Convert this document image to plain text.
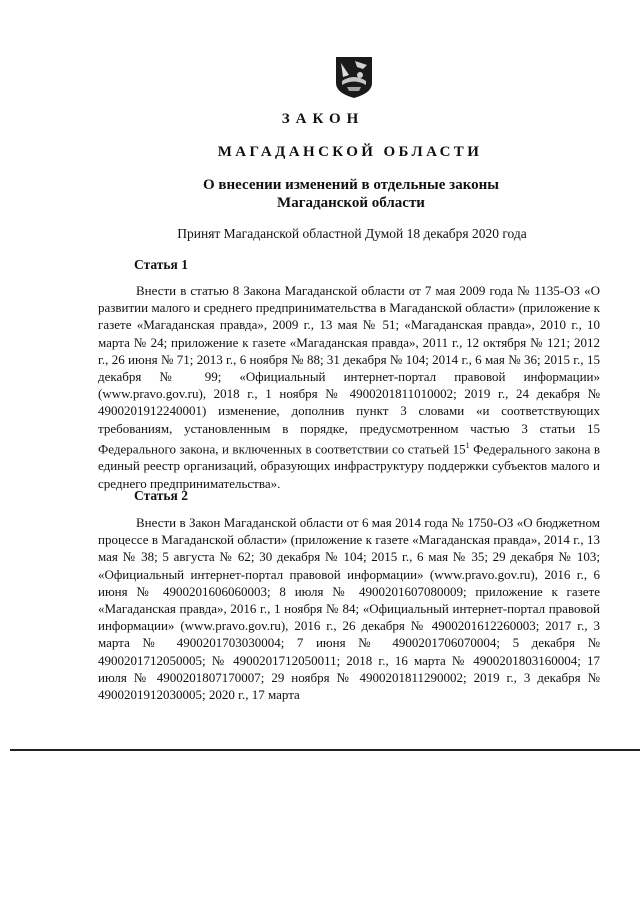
ЗАКОН
МАГАДАНСКОЙ ОБЛАСТИ
О внесении изменений в отдельные законы
Магаданской области
Принят Магаданской областной Думой 18 декабря 2020 года
Статья 1

Внести в статью 8 Закона Магаданской области от 7 мая 2009 года № 1135-ОЗ «О развитии малого и среднего предпринимательства в Магаданской области» (приложение к газете «Магаданская правда», 2009 г., 13 мая № 51; «Магаданская правда», 2010 г., 10 марта № 24; приложение к газете «Магаданская правда», 2011 г., 12 октября № 121; 2012 г., 26 июня № 71; 2013 г., 6 ноября № 88; 31 декабря № 104; 2014 г., 6 мая № 36; 2015 г., 15 декабря № 99; «Официальный интернет-портал правовой информации» (www.pravo.gov.ru), 2018 г., 1 ноября № 4900201811010002; 2019 г., 24 декабря № 4900201912240001) изменение, дополнив пункт 3 словами «и соответствующих требованиям, установленным в порядке, предусмотренном частью 3 статьи 15 Федерального закона, и включенных в соответствии со статьей $15^1$ Федерального закона в единый реестр организаций, образующих инфраструктуру поддержки субъектов малого и среднего предпринимательства».

Статья 2

Внести в Закон Магаданской области от 6 мая 2014 года № 1750-ОЗ «О бюджетном процессе в Магаданской области» (приложение к газете «Магаданская правда», 2014 г., 13 мая № 38; 5 августа № 62; 30 декабря № 104; 2015 г., 6 мая № 35; 29 декабря № 103; «Официальный интернет-портал правовой информации» (www.pravo.gov.ru), 2016 г., 6 июня № 4900201606060003; 8 июля № 4900201607080009; приложение к газете «Магаданская правда», 2016 г., 1 ноября № 84; «Официальный интернет-портал правовой информации» (www.pravo.gov.ru), 2016 г., 26 декабря № 4900201612260003; 2017 г., 3 марта № 4900201703030004; 7 июня № 4900201706070004; 5 декабря № 4900201712050005; № 4900201712050011; 2018 г., 16 марта № 4900201803160004; 17 июля № 4900201807170007; 29 ноября № 4900201811290002; 2019 г., 3 декабря № 4900201912030005; 2020 г., 17 марта
